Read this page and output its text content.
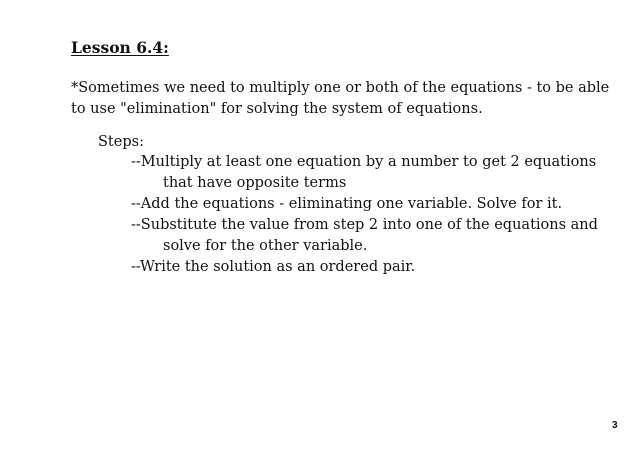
Lesson 6.4:
*Sometimes we need to multiply one or both of the equations - to be able
to use "elimination" for solving the system of equations.
Steps:
--Multiply at least one equation by a number to get 2 equations
that have opposite terms
--Add the equations - eliminating one variable. Solve for it.
--Substitute the value from step 2 into one of the equations and
solve for the other variable.
--Write the solution as an ordered pair.
3
